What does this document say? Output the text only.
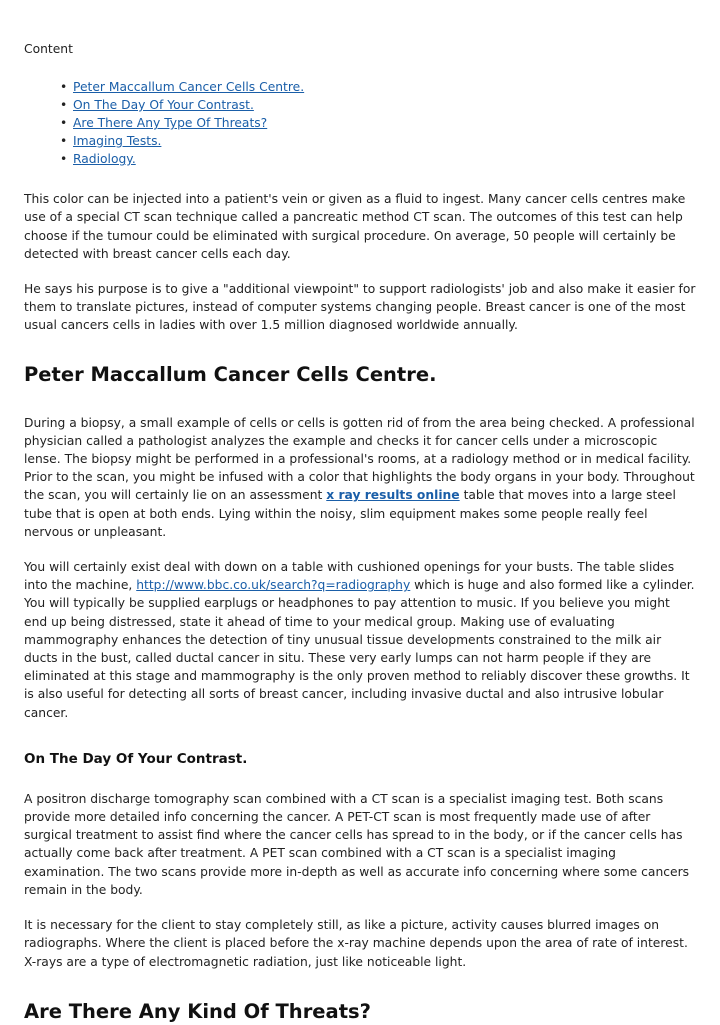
Content

• Peter Maccallum Cancer Cells Centre.
• On The Day Of Your Contrast.
• Are There Any Type Of Threats?
• Imaging Tests.
• Radiology.

This color can be injected into a patient's vein or given as a fluid to ingest. Many cancer cells centres make use of a special CT scan technique called a pancreatic method CT scan. The outcomes of this test can help choose if the tumour could be eliminated with surgical procedure. On average, 50 people will certainly be detected with breast cancer cells each day.

He says his purpose is to give a "additional viewpoint" to support radiologists' job and also make it easier for them to translate pictures, instead of computer systems changing people. Breast cancer is one of the most usual cancers cells in ladies with over 1.5 million diagnosed worldwide annually.

Peter Maccallum Cancer Cells Centre.

During a biopsy, a small example of cells or cells is gotten rid of from the area being checked. A professional physician called a pathologist analyzes the example and checks it for cancer cells under a microscopic lense. The biopsy might be performed in a professional's rooms, at a radiology method or in medical facility. Prior to the scan, you might be infused with a color that highlights the body organs in your body. Throughout the scan, you will certainly lie on an assessment x ray results online table that moves into a large steel tube that is open at both ends. Lying within the noisy, slim equipment makes some people really feel nervous or unpleasant.

You will certainly exist deal with down on a table with cushioned openings for your busts. The table slides into the machine, http://www.bbc.co.uk/search?q=radiography which is huge and also formed like a cylinder. You will typically be supplied earplugs or headphones to pay attention to music. If you believe you might end up being distressed, state it ahead of time to your medical group. Making use of evaluating mammography enhances the detection of tiny unusual tissue developments constrained to the milk air ducts in the bust, called ductal cancer in situ. These very early lumps can not harm people if they are eliminated at this stage and mammography is the only proven method to reliably discover these growths. It is also useful for detecting all sorts of breast cancer, including invasive ductal and also intrusive lobular cancer.

On The Day Of Your Contrast.

A positron discharge tomography scan combined with a CT scan is a specialist imaging test. Both scans provide more detailed info concerning the cancer. A PET-CT scan is most frequently made use of after surgical treatment to assist find where the cancer cells has spread to in the body, or if the cancer cells has actually come back after treatment. A PET scan combined with a CT scan is a specialist imaging examination. The two scans provide more in-depth as well as accurate info concerning where some cancers remain in the body.

It is necessary for the client to stay completely still, as like a picture, activity causes blurred images on radiographs. Where the client is placed before the x-ray machine depends upon the area of rate of interest. X-rays are a type of electromagnetic radiation, just like noticeable light.

Are There Any Kind Of Threats?
